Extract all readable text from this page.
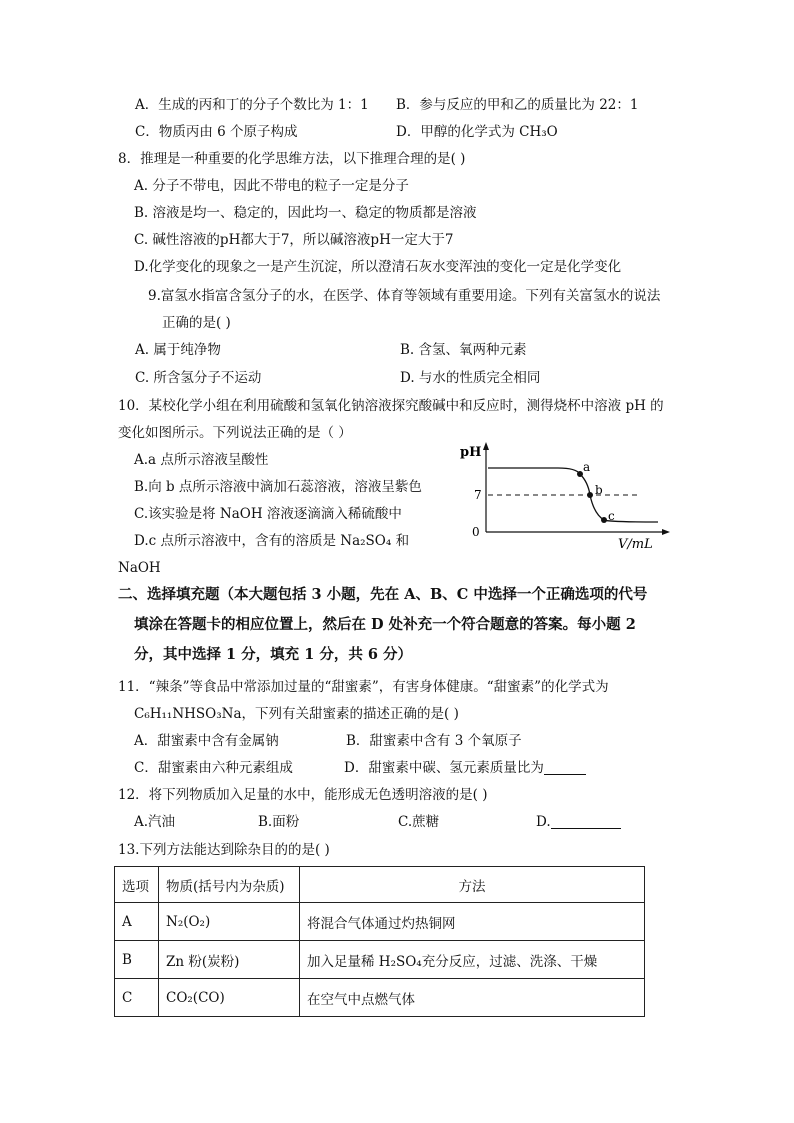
A．生成的丙和丁的分子个数比为 1：1 B．参与反应的甲和乙的质量比为 22：1
C．物质丙由 6 个原子构成	D．甲醇的化学式为 CH₃O
8．推理是一种重要的化学思维方法，以下推理合理的是( )
A. 分子不带电，因此不带电的粒子一定是分子
B. 溶液是均一、稳定的，因此均一、稳定的物质都是溶液
C. 碱性溶液的pH都大于7，所以碱溶液pH一定大于7
D.化学变化的现象之一是产生沉淀，所以澄清石灰水变浑浊的变化一定是化学变化
9.富氢水指富含氢分子的水，在医学、体育等领域有重要用途。下列有关富氢水的说法
正确的是( )
A. 属于纯净物	B. 含氢、氧两种元素
C. 所含氢分子不运动	D. 与水的性质完全相同
10．某校化学小组在利用硫酸和氢氧化钠溶液探究酸碱中和反应时，测得烧杯中溶液 pH 的
变化如图所示。下列说法正确的是（ ）
A.a 点所示溶液呈酸性
B.向 b 点所示溶液中滴加石蕊溶液，溶液呈紫色
C.该实验是将 NaOH 溶液逐滴滴入稀硫酸中
D.c 点所示溶液中，含有的溶质是 Na₂SO₄ 和
NaOH
pH
V/mL
0
7
a
b
c
二、选择填充题（本大题包括 3 小题，先在 A、B、C 中选择一个正确选项的代号
填涂在答题卡的相应位置上，然后在 D 处补充一个符合题意的答案。每小题 2
分，其中选择 1 分，填充 1 分，共 6 分）
11．“辣条”等食品中常添加过量的“甜蜜素”，有害身体健康。“甜蜜素”的化学式为
C₆H₁₁NHSO₃Na，下列有关甜蜜素的描述正确的是( )
A．甜蜜素中含有金属钠	B．甜蜜素中含有 3 个氧原子
C．甜蜜素由六种元素组成	D．甜蜜素中碳、氢元素质量比为
12．将下列物质加入足量的水中，能形成无色透明溶液的是( )
A.汽油	B.面粉	C.蔗糖	D.
13.下列方法能达到除杂目的的是( )
选项	物质(括号内为杂质)	方法
A	N₂(O₂)	将混合气体通过灼热铜网
B	Zn 粉(炭粉)	加入足量稀 H₂SO₄充分反应，过滤、洗涤、干燥
C	CO₂(CO)	在空气中点燃气体
